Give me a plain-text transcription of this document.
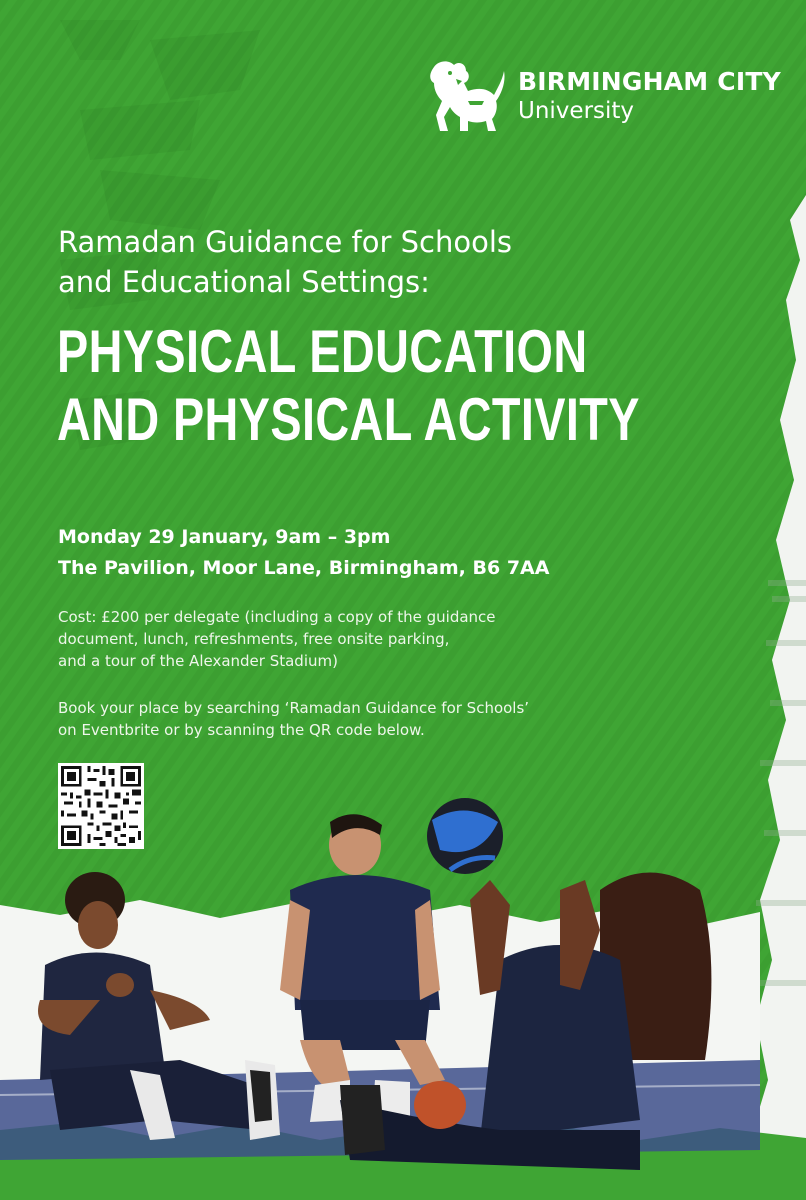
BIRMINGHAM CITY
University
Ramadan Guidance for Schools
and Educational Settings:
PHYSICAL EDUCATION
AND PHYSICAL ACTIVITY
Monday 29 January, 9am – 3pm
The Pavilion, Moor Lane, Birmingham, B6 7AA
Cost: £200 per delegate (including a copy of the guidance
document, lunch, refreshments, free onsite parking,
and a tour of the Alexander Stadium)
Book your place by searching ‘Ramadan Guidance for Schools’
on Eventbrite or by scanning the QR code below.
